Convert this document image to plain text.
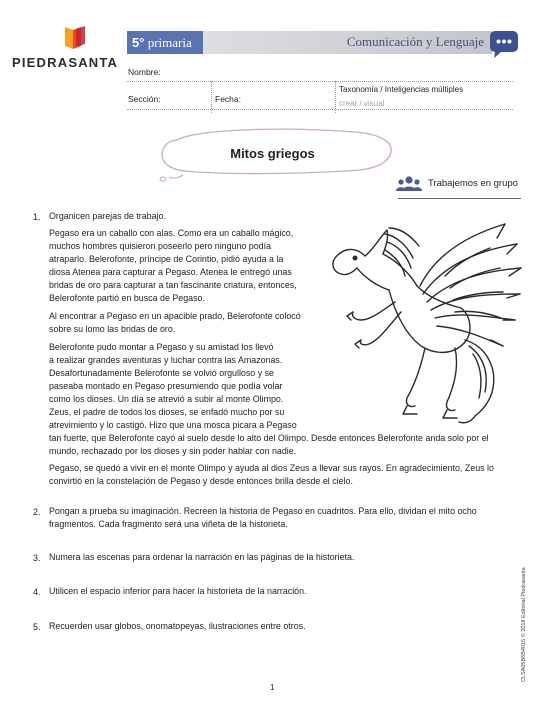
PIEDRASANTA
5° primaria	Comunicación y Lenguaje
Nombre:
Sección:	Fecha:
Taxonomía / Inteligencias múltiples
crear / visual
Mitos griegos
Trabajemos en grupo
1. Organicen parejas de trabajo.
Pegaso era un caballo con alas. Como era un caballo mágico,
muchos hombres quisieron poseerlo pero ninguno podía
atraparlo. Belerofonte, príncipe de Corintio, pidió ayuda a la
diosa Atenea para capturar a Pegaso. Atenea le entregó unas
bridas de oro para capturar a tan fascinante criatura, entonces,
Belerofonte partió en busca de Pegaso.
Al encontrar a Pegaso en un apacible prado, Belerofonte colocó
sobre su lomo las bridas de oro.
Belerofonte pudo montar a Pegaso y su amistad los llevó
a realizar grandes aventuras y luchar contra las Amazonas.
Desafortunadamente Belerofonte se volvió orgulloso y se
paseaba montado en Pegaso presumiendo que podía volar
como los dioses. Un día se atrevió a subir al monte Olimpo.
Zeus, el padre de todos los dioses, se enfadó mucho por su
atrevimiento y lo castigó. Hizo que una mosca picara a Pegaso
tan fuerte, que Belerofonte cayó al suelo desde lo alto del Olimpo. Desde entonces Belerofonte anda solo por el
mundo, rechazado por los dioses y sin poder hablar con nadie.
Pegaso, se quedó a vivir en el monte Olimpo y ayuda al dios Zeus a llevar sus rayos. En agradecimiento, Zeus lo
convirtió en la constelación de Pegaso y desde entonces brilla desde el cielo.
2. Pongan a prueba su imaginación. Recreen la historia de Pegaso en cuadritos. Para ello, dividan el mito ocho fragmentos. Cada fragmento será una viñeta de la historieta.
3. Numera las escenas para ordenar la narración en las páginas de la historieta.
4. Utilicen el espacio inferior para hacer la historieta de la narración.
5. Recuerden usar globos, onomatopeyas, ilustraciones entre otros.	CLSA05B6B4015 © 2018 Editorial Piedrasanta
1
